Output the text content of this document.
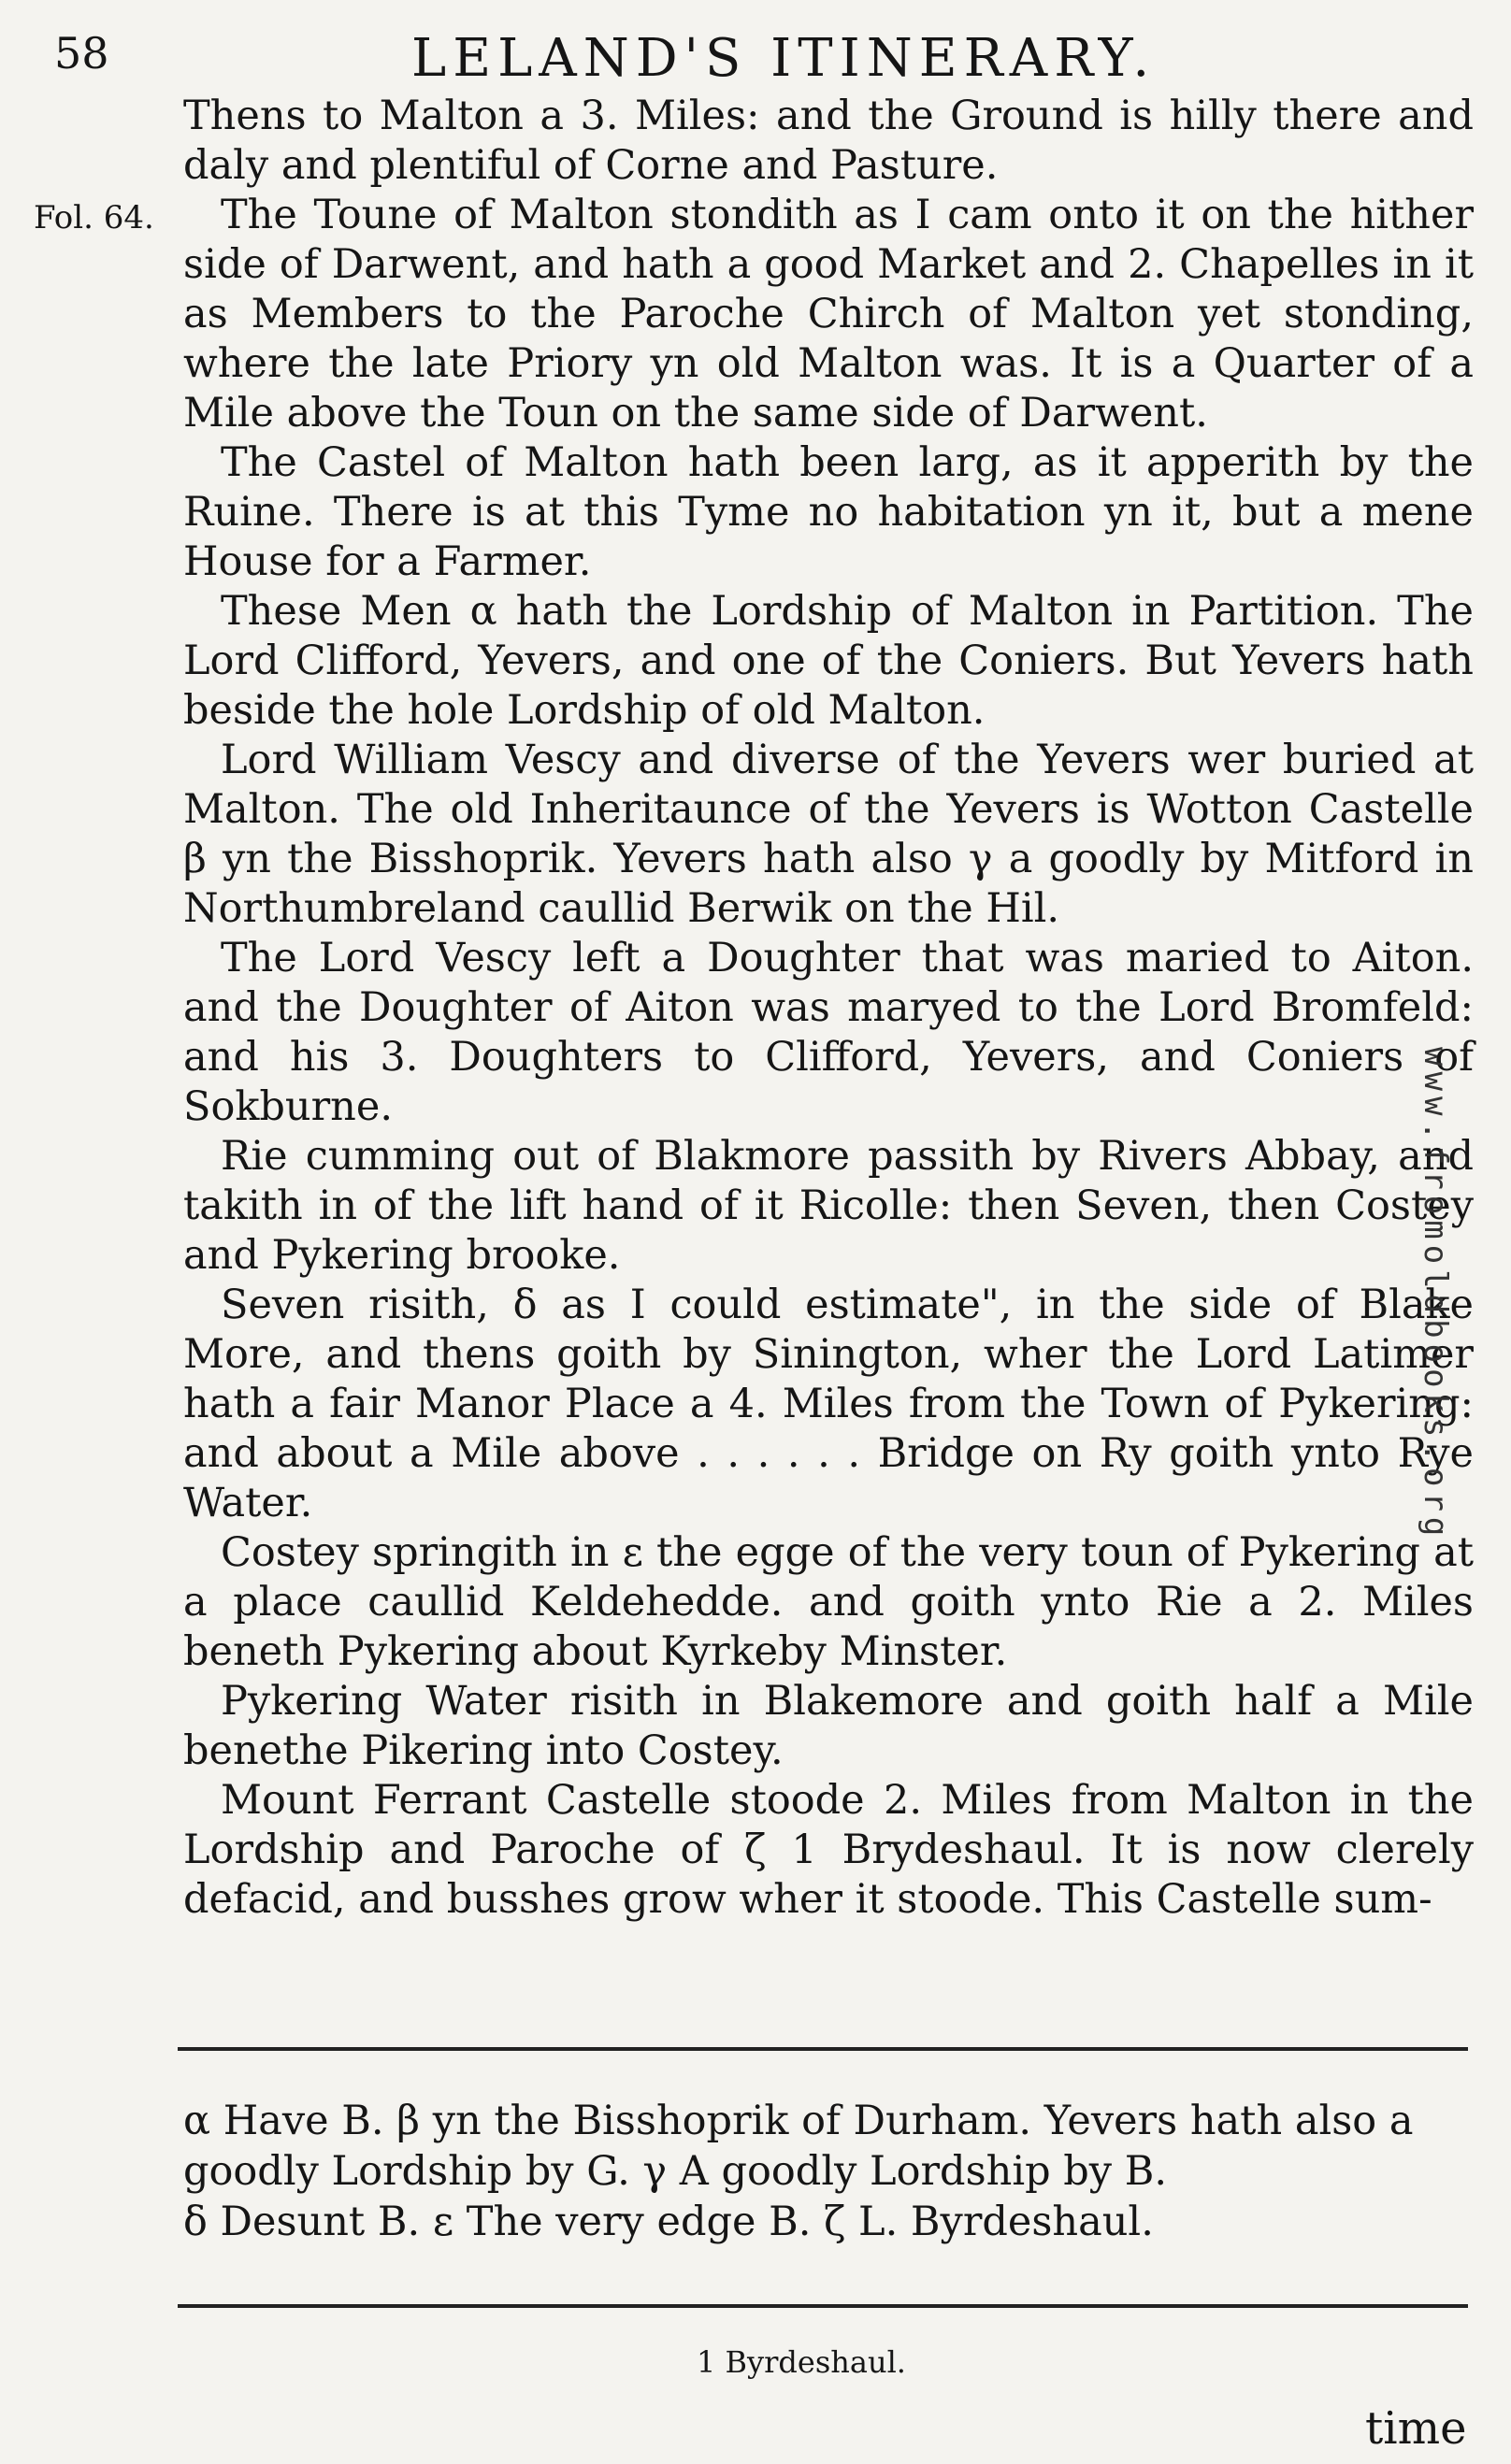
58	LELAND'S ITINERARY.
Fol. 64.

Thens to Malton a 3. Miles: and the Ground is hilly there and daly and plentiful of Corne and Pasture.

The Toune of Malton stondith as I cam onto it on the hither side of Darwent, and hath a good Market and 2. Chapelles in it as Members to the Paroche Chirch of Malton yet stonding, where the late Priory yn old Malton was. It is a Quarter of a Mile above the Toun on the same side of Darwent.

The Castel of Malton hath been larg, as it apperith by the Ruine. There is at this Tyme no habitation yn it, but a mene House for a Farmer.

These Men α hath the Lordship of Malton in Partition. The Lord Clifford, Yevers, and one of the Coniers. But Yevers hath beside the hole Lordship of old Malton.

Lord William Vescy and diverse of the Yevers wer buried at Malton. The old Inheritaunce of the Yevers is Wotton Castelle β yn the Bisshoprik. Yevers hath also γ a goodly by Mitford in Northumbreland caullid Berwik on the Hil.

The Lord Vescy left a Doughter that was maried to Aiton. and the Doughter of Aiton was maryed to the Lord Bromfeld: and his 3. Doughters to Clifford, Yevers, and Coniers of Sokburne.

Rie cumming out of Blakmore passith by Rivers Abbay, and takith in of the lift hand of it Ricolle: then Seven, then Costey and Pykering brooke.

Seven risith, δ as I could estimate", in the side of Blake More, and thens goith by Sinington, wher the Lord Latimer hath a fair Manor Place a 4. Miles from the Town of Pykering: and about a Mile above . . . . . . Bridge on Ry goith ynto Rye Water.

Costey springith in ε the egge of the very toun of Pykering at a place caullid Keldehedde. and goith ynto Rie a 2. Miles beneth Pykering about Kyrkeby Minster.

Pykering Water risith in Blakemore and goith half a Mile benethe Pikering into Costey.

Mount Ferrant Castelle stoode 2. Miles from Malton in the Lordship and Paroche of ζ 1 Brydeshaul. It is now clerely defacid, and busshes grow wher it stoode. This Castelle sum-

α Have B. β yn the Bisshoprik of Durham. Yevers hath also a goodly Lordship by G. γ A goodly Lordship by B.

δ Desunt B. ε The very edge B. ζ L. Byrdeshaul.

1 Byrdeshaul.
time
www.fromoldbooks.org
